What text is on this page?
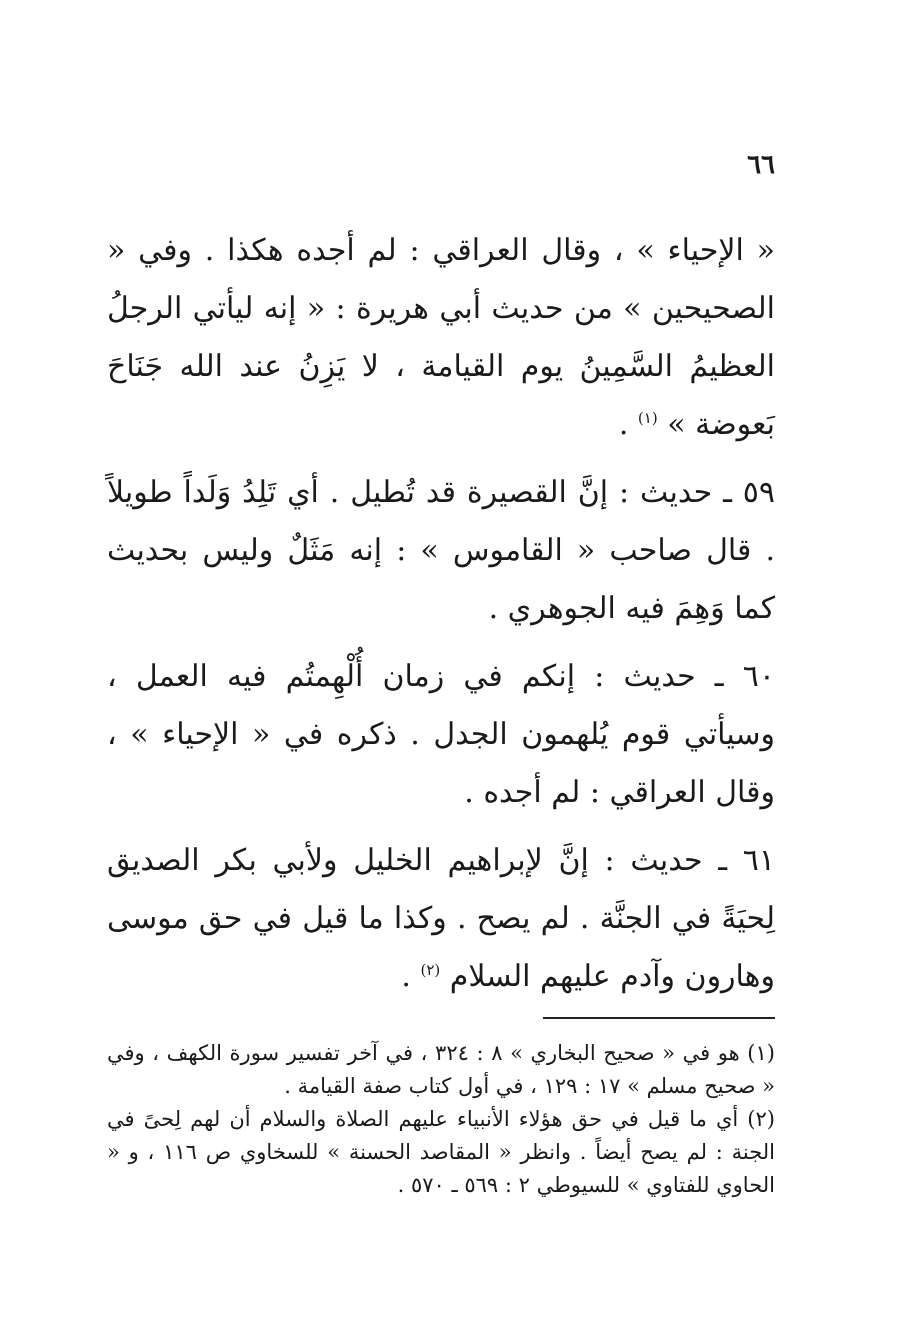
٦٦

« الإحياء » ، وقال العراقي : لم أجده هكذا . وفي « الصحيحين » من حديث أبي هريرة : « إنه ليأتي الرجلُ العظيمُ السَّمِينُ يوم القيامة ، لا يَزِنُ عند الله جَنَاحَ بَعوضة » $^{(١)}$ .

٥٩ ـ حديث : إنَّ القصيرة قد تُطيل . أي تَلِدُ وَلَداً طويلاً . قال صاحب « القاموس » : إنه مَثَلٌ وليس بحديث كما وَهِمَ فيه الجوهري .

٦٠ ـ حديث : إنكم في زمان أُلْهِمتُم فيه العمل ، وسيأتي قوم يُلهمون الجدل . ذكره في « الإحياء » ، وقال العراقي : لم أجده .

٦١ ـ حديث : إنَّ لإبراهيم الخليل ولأبي بكر الصديق لِحيَةً في الجنَّة . لم يصح . وكذا ما قيل في حق موسى وهارون وآدم عليهم السلام $^{(٢)}$ .

(١) هو في « صحيح البخاري » ٨ : ٣٢٤ ، في آخر تفسير سورة الكهف ، وفي « صحيح مسلم » ١٧ : ١٢٩ ، في أول كتاب صفة القيامة .

(٢) أي ما قيل في حق هؤلاء الأنبياء عليهم الصلاة والسلام أن لهم لِحىً في الجنة : لم يصح أيضاً . وانظر « المقاصد الحسنة » للسخاوي ص ١١٦ ، و « الحاوي للفتاوي » للسيوطي ٢ : ٥٦٩ ـ ٥٧٠ .
